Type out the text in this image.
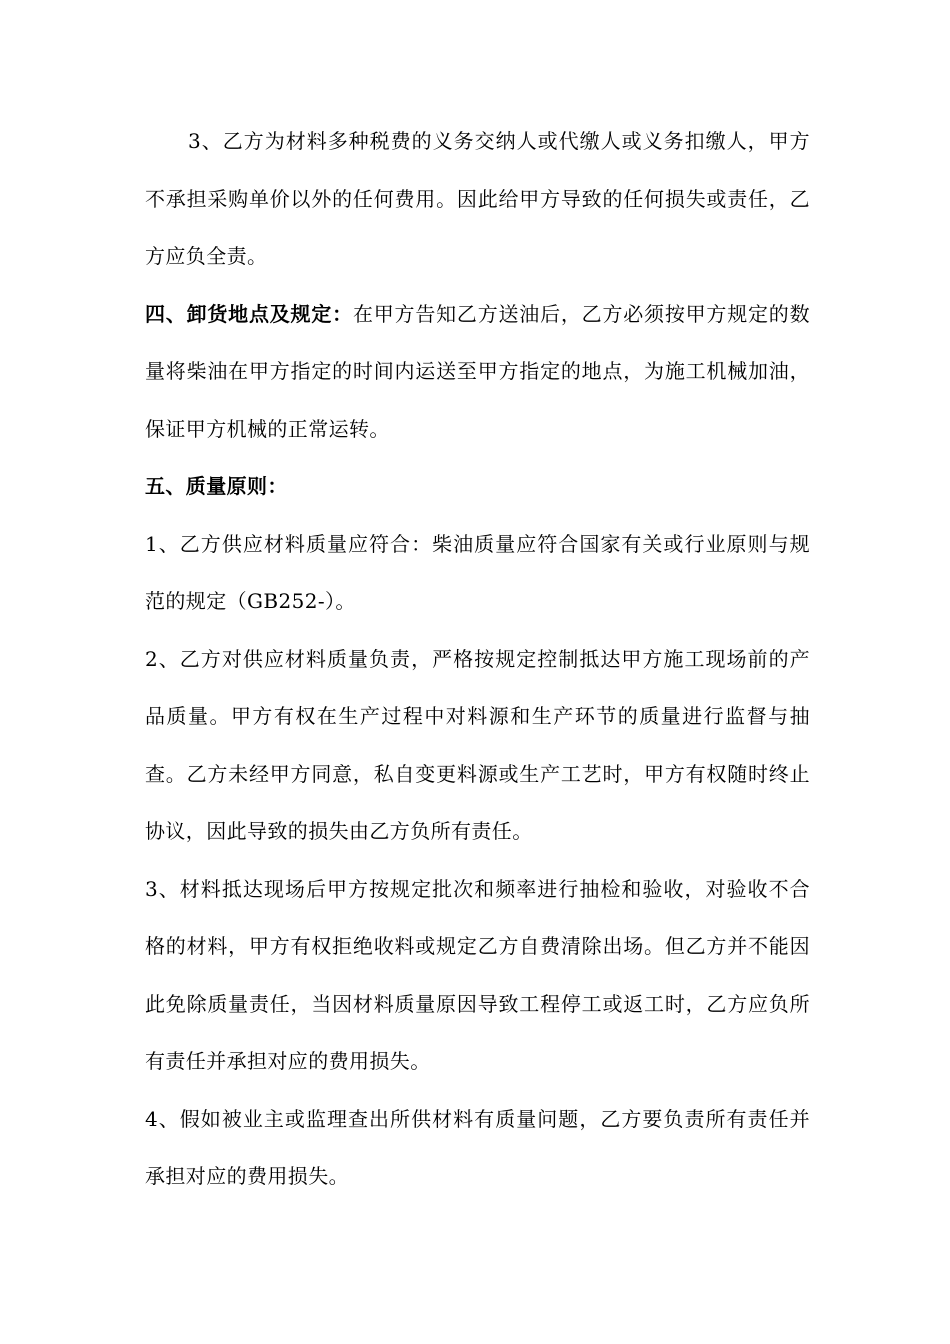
3、乙方为材料多种税费的义务交纳人或代缴人或义务扣缴人，甲方不承担采购单价以外的任何费用。因此给甲方导致的任何损失或责任，乙方应负全责。

四、卸货地点及规定：在甲方告知乙方送油后，乙方必须按甲方规定的数量将柴油在甲方指定的时间内运送至甲方指定的地点，为施工机械加油，保证甲方机械的正常运转。

五、质量原则：

1、乙方供应材料质量应符合：柴油质量应符合国家有关或行业原则与规范的规定（GB252-）。

2、乙方对供应材料质量负责，严格按规定控制抵达甲方施工现场前的产品质量。甲方有权在生产过程中对料源和生产环节的质量进行监督与抽查。乙方未经甲方同意，私自变更料源或生产工艺时，甲方有权随时终止协议，因此导致的损失由乙方负所有责任。

3、材料抵达现场后甲方按规定批次和频率进行抽检和验收，对验收不合格的材料，甲方有权拒绝收料或规定乙方自费清除出场。但乙方并不能因此免除质量责任，当因材料质量原因导致工程停工或返工时，乙方应负所有责任并承担对应的费用损失。

4、假如被业主或监理查出所供材料有质量问题，乙方要负责所有责任并承担对应的费用损失。
